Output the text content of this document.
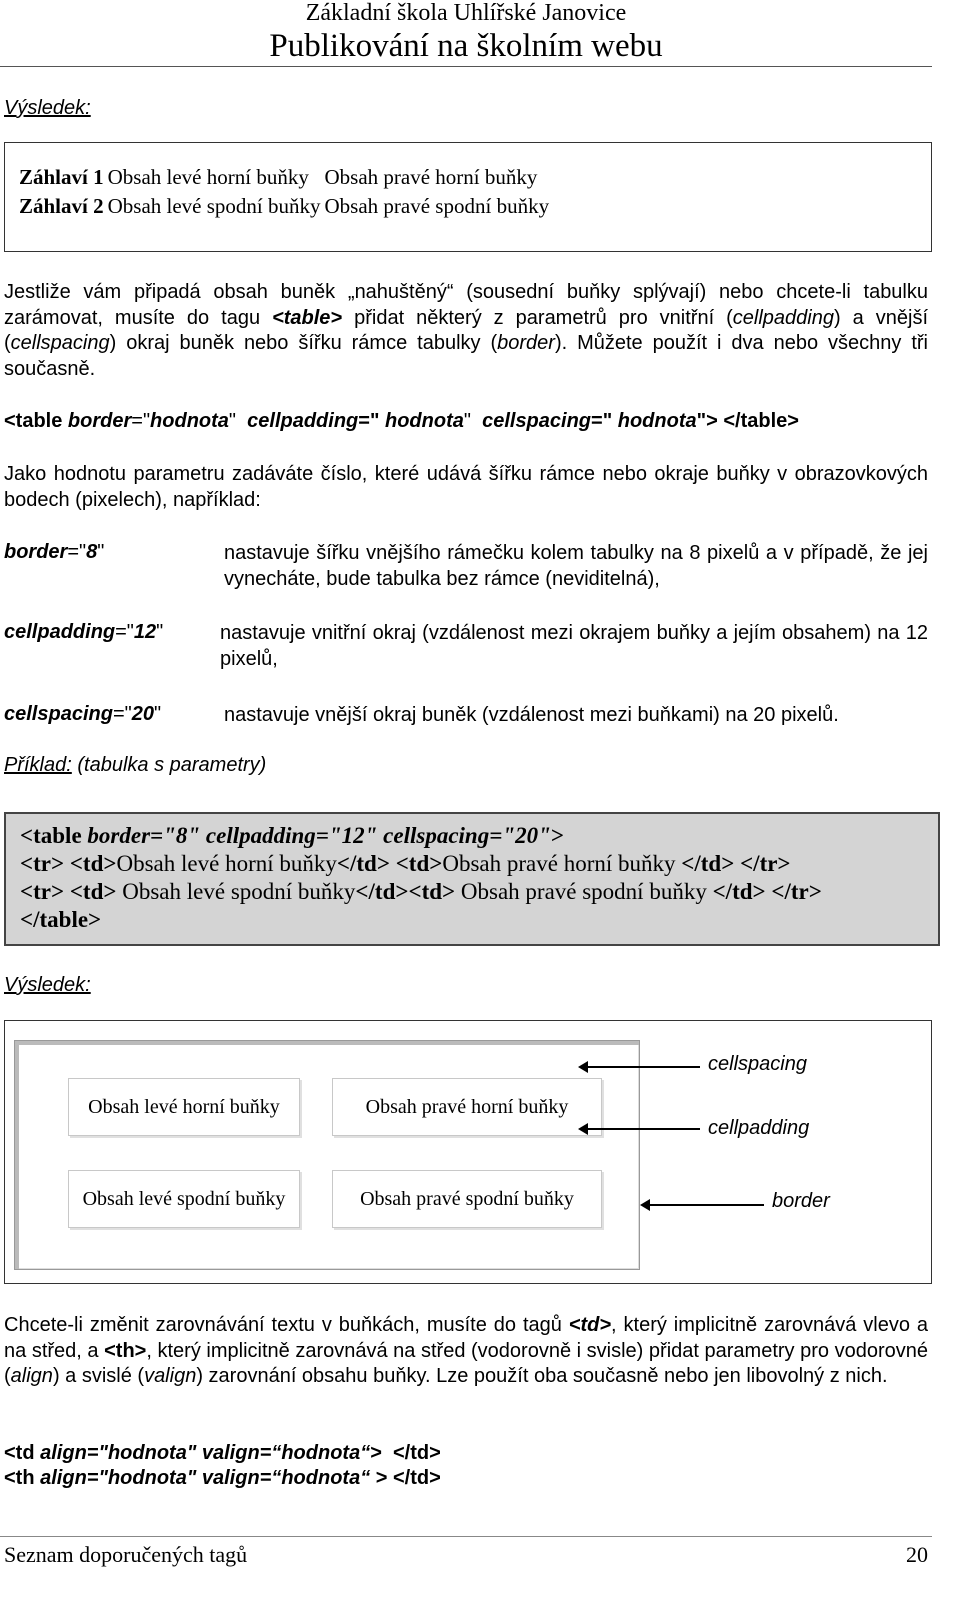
Základní škola Uhlířské Janovice
Publikování na školním webu
Výsledek:
Záhlaví 1	Obsah levé horní buňky	Obsah pravé horní buňky
Záhlaví 2	Obsah levé spodní buňky	Obsah pravé spodní buňky
Jestliže vám připadá obsah buněk „nahuštěný“ (sousední buňky splývají) nebo chcete-li tabulku zarámovat, musíte do tagu <table> přidat některý z parametrů pro vnitřní (cellpadding) a vnější (cellspacing) okraj buněk nebo šířku rámce tabulky (border). Můžete použít i dva nebo všechny tři současně.
<table border="hodnota"  cellpadding=" hodnota"  cellspacing=" hodnota"> </table>
Jako hodnotu parametru zadáváte číslo, které udává šířku rámce nebo okraje buňky v obrazovkových bodech (pixelech), například:
border="8"	nastavuje šířku vnějšího rámečku kolem tabulky na 8 pixelů a v případě, že jej vynecháte, bude tabulka bez rámce (neviditelná),
cellpadding="12"	nastavuje vnitřní okraj (vzdálenost mezi okrajem buňky a jejím obsahem) na 12 pixelů,
cellspacing="20"	nastavuje vnější okraj buněk (vzdálenost mezi buňkami) na 20 pixelů.
Příklad: (tabulka s parametry)
<table border="8" cellpadding="12" cellspacing="20">
<tr> <td>Obsah levé horní buňky</td> <td>Obsah pravé horní buňky </td> </tr>
<tr> <td> Obsah levé spodní buňky</td><td> Obsah pravé spodní buňky </td> </tr>
</table>
Výsledek:
Obsah levé horní buňky	Obsah pravé horní buňky
Obsah levé spodní buňky	Obsah pravé spodní buňky
cellspacing
cellpadding
border
Chcete-li změnit zarovnávání textu v buňkách, musíte do tagů <td>, který implicitně zarovnává vlevo a na střed, a <th>, který implicitně zarovnává na střed (vodorovně i svisle) přidat parametry pro vodorovné (align) a svislé (valign) zarovnání obsahu buňky. Lze použít oba současně nebo jen libovolný z nich.
<td align="hodnota" valign=“hodnota“>  </td>
<th align="hodnota" valign=“hodnota“ > </td>
Seznam doporučených tagů	20
